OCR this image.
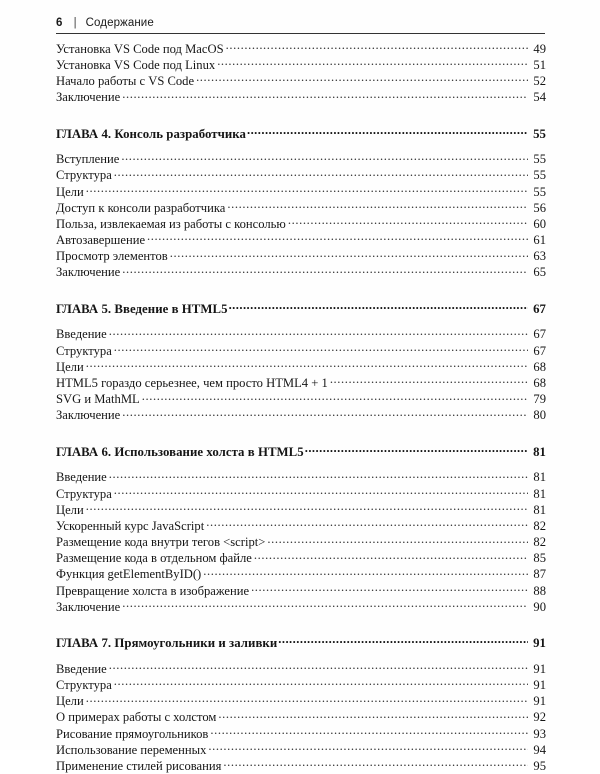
6 | Содержание
Установка VS Code под MacOS .....	49
Установка VS Code под Linux .....	51
Начало работы с VS Code .....	52
Заключение .....	54
ГЛАВА 4. Консоль разработчика .....	55
Вступление .....	55
Структура .....	55
Цели .....	55
Доступ к консоли разработчика .....	56
Польза, извлекаемая из работы с консолью .....	60
Автозавершение .....	61
Просмотр элементов .....	63
Заключение .....	65
ГЛАВА 5. Введение в HTML5 .....	67
Введение .....	67
Структура .....	67
Цели .....	68
HTML5 гораздо серьезнее, чем просто HTML4 + 1 .....	68
SVG и MathML .....	79
Заключение .....	80
ГЛАВА 6. Использование холста в HTML5 .....	81
Введение .....	81
Структура .....	81
Цели .....	81
Ускоренный курс JavaScript .....	82
Размещение кода внутри тегов <script> .....	82
Размещение кода в отдельном файле .....	85
Функция getElementByID() .....	87
Превращение холста в изображение .....	88
Заключение .....	90
ГЛАВА 7. Прямоугольники и заливки .....	91
Введение .....	91
Структура .....	91
Цели .....	91
О примерах работы с холстом .....	92
Рисование прямоугольников .....	93
Использование переменных .....	94
Применение стилей рисования .....	95
